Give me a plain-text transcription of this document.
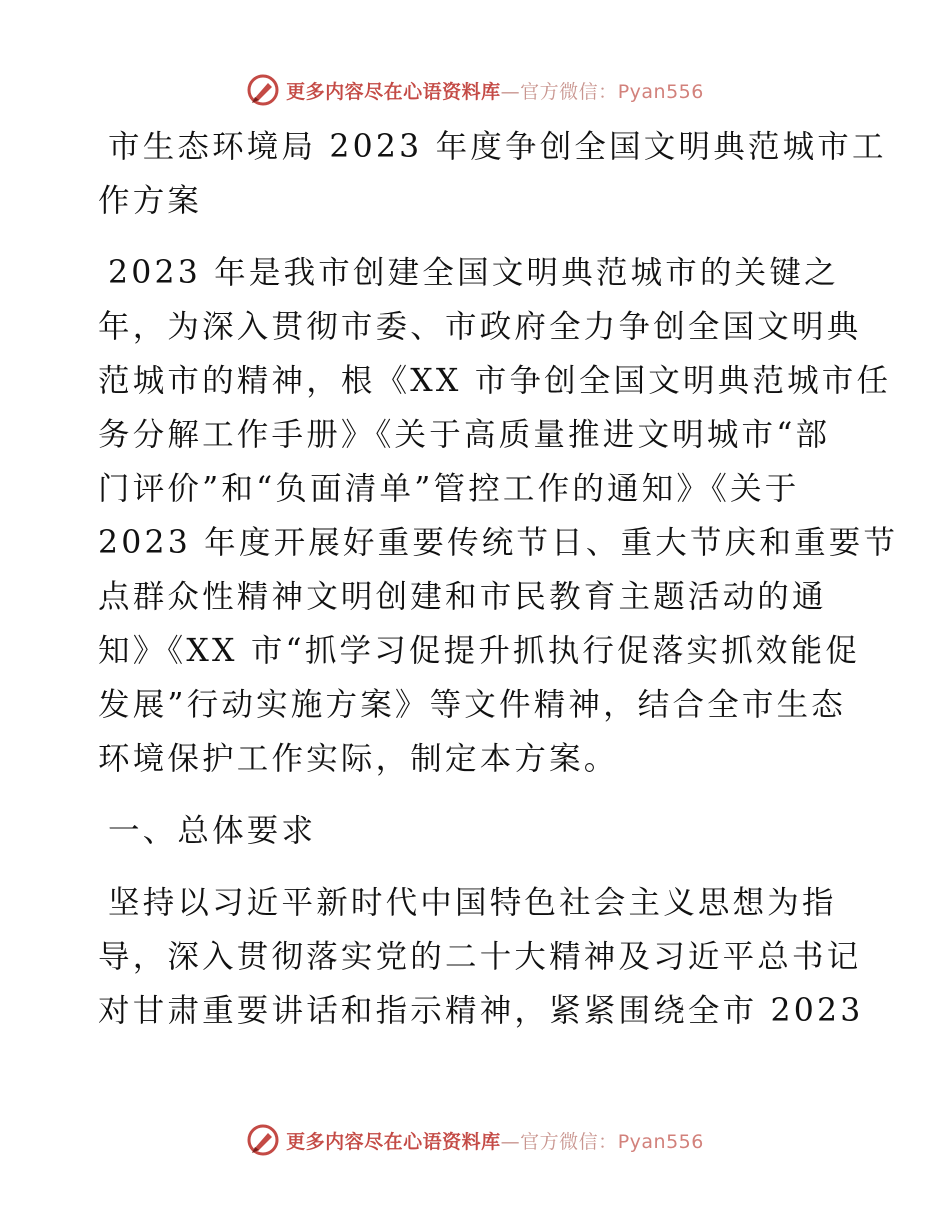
更多内容尽在心语资料库—官方微信：Pyan556
市生态环境局 2023 年度争创全国文明典范城市工
作方案
2023 年是我市创建全国文明典范城市的关键之
年，为深入贯彻市委、市政府全力争创全国文明典
范城市的精神，根《XX 市争创全国文明典范城市任
务分解工作手册》《关于高质量推进文明城市“部
门评价”和“负面清单”管控工作的通知》《关于
2023 年度开展好重要传统节日、重大节庆和重要节
点群众性精神文明创建和市民教育主题活动的通
知》《XX 市“抓学习促提升抓执行促落实抓效能促
发展”行动实施方案》等文件精神，结合全市生态
环境保护工作实际，制定本方案。
一、总体要求
坚持以习近平新时代中国特色社会主义思想为指
导，深入贯彻落实党的二十大精神及习近平总书记
对甘肃重要讲话和指示精神，紧紧围绕全市 2023
更多内容尽在心语资料库—官方微信：Pyan556
